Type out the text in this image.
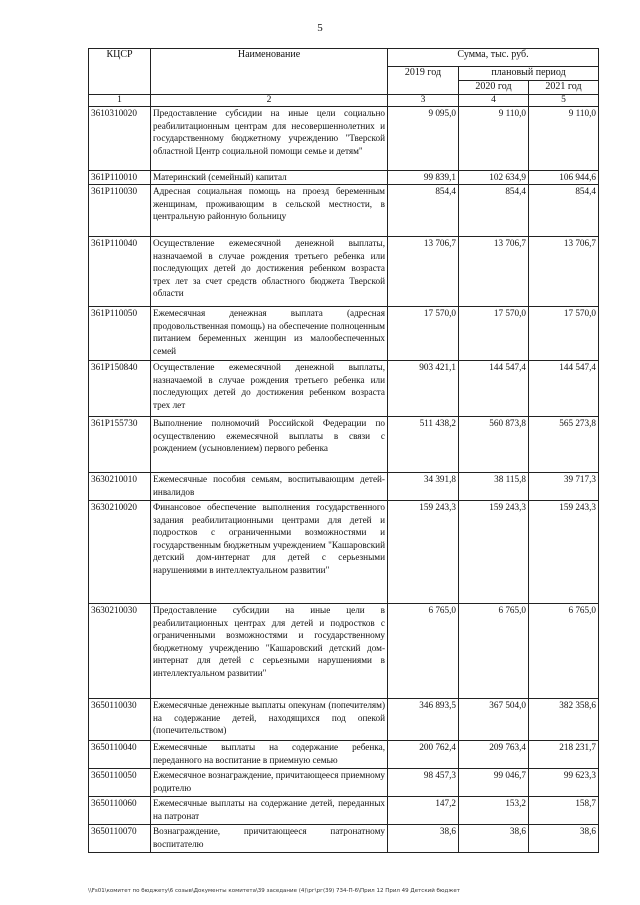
5
КЦСР	Наименование	Сумма, тыс. руб.		
		2019 год	плановый период	
			2020 год	2021 год
1	2	3	4	5
3610310020	Предоставление субсидии на иные цели социально реабилитационным центрам для несовершеннолетних и государственному бюджетному учреждению "Тверской областной Центр социальной помощи семье и детям"	9 095,0	9 110,0	9 110,0
361P110010	Материнский (семейный) капитал	99 839,1	102 634,9	106 944,6
361P110030	Адресная социальная помощь на проезд беременным женщинам, проживающим в сельской местности, в центральную районную больницу	854,4	854,4	854,4
361P110040	Осуществление ежемесячной денежной выплаты, назначаемой в случае рождения третьего ребенка или последующих детей до достижения ребенком возраста трех лет за счет средств областного бюджета Тверской области	13 706,7	13 706,7	13 706,7
361P110050	Ежемесячная денежная выплата (адресная продовольственная помощь) на обеспечение полноценным питанием беременных женщин из малообеспеченных семей	17 570,0	17 570,0	17 570,0
361P150840	Осуществление ежемесячной денежной выплаты, назначаемой в случае рождения третьего ребенка или последующих детей до достижения ребенком возраста трех лет	903 421,1	144 547,4	144 547,4
361P155730	Выполнение полномочий Российской Федерации по осуществлению ежемесячной выплаты в связи с рождением (усыновлением) первого ребенка	511 438,2	560 873,8	565 273,8
3630210010	Ежемесячные пособия семьям, воспитывающим детей-инвалидов	34 391,8	38 115,8	39 717,3
3630210020	Финансовое обеспечение выполнения государственного задания реабилитационными центрами для детей и подростков с ограниченными возможностями и государственным бюджетным учреждением "Кашаровский детский дом-интернат для детей с серьезными нарушениями в интеллектуальном развитии"	159 243,3	159 243,3	159 243,3
3630210030	Предоставление субсидии на иные цели в реабилитационных центрах для детей и подростков с ограниченными возможностями и государственному бюджетному учреждению "Кашаровский детский дом-интернат для детей с серьезными нарушениями в интеллектуальном развитии"	6 765,0	6 765,0	6 765,0
3650110030	Ежемесячные денежные выплаты опекунам (попечителям) на содержание детей, находящихся под опекой (попечительством)	346 893,5	367 504,0	382 358,6
3650110040	Ежемесячные выплаты на содержание ребенка, переданного на воспитание в приемную семью	200 762,4	209 763,4	218 231,7
3650110050	Ежемесячное вознаграждение, причитающееся приемному родителю	98 457,3	99 046,7	99 623,3
3650110060	Ежемесячные выплаты на содержание детей, переданных на патронат	147,2	153,2	158,7
3650110070	Вознаграждение, причитающееся патронатному воспитателю	38,6	38,6	38,6
\\Fs01\комитет по бюджету\6 созыв\Документы комитета\39 заседание (4)\рг\рг(39) 734-П-6\Прил 12 Прил 49 Детский бюджет
